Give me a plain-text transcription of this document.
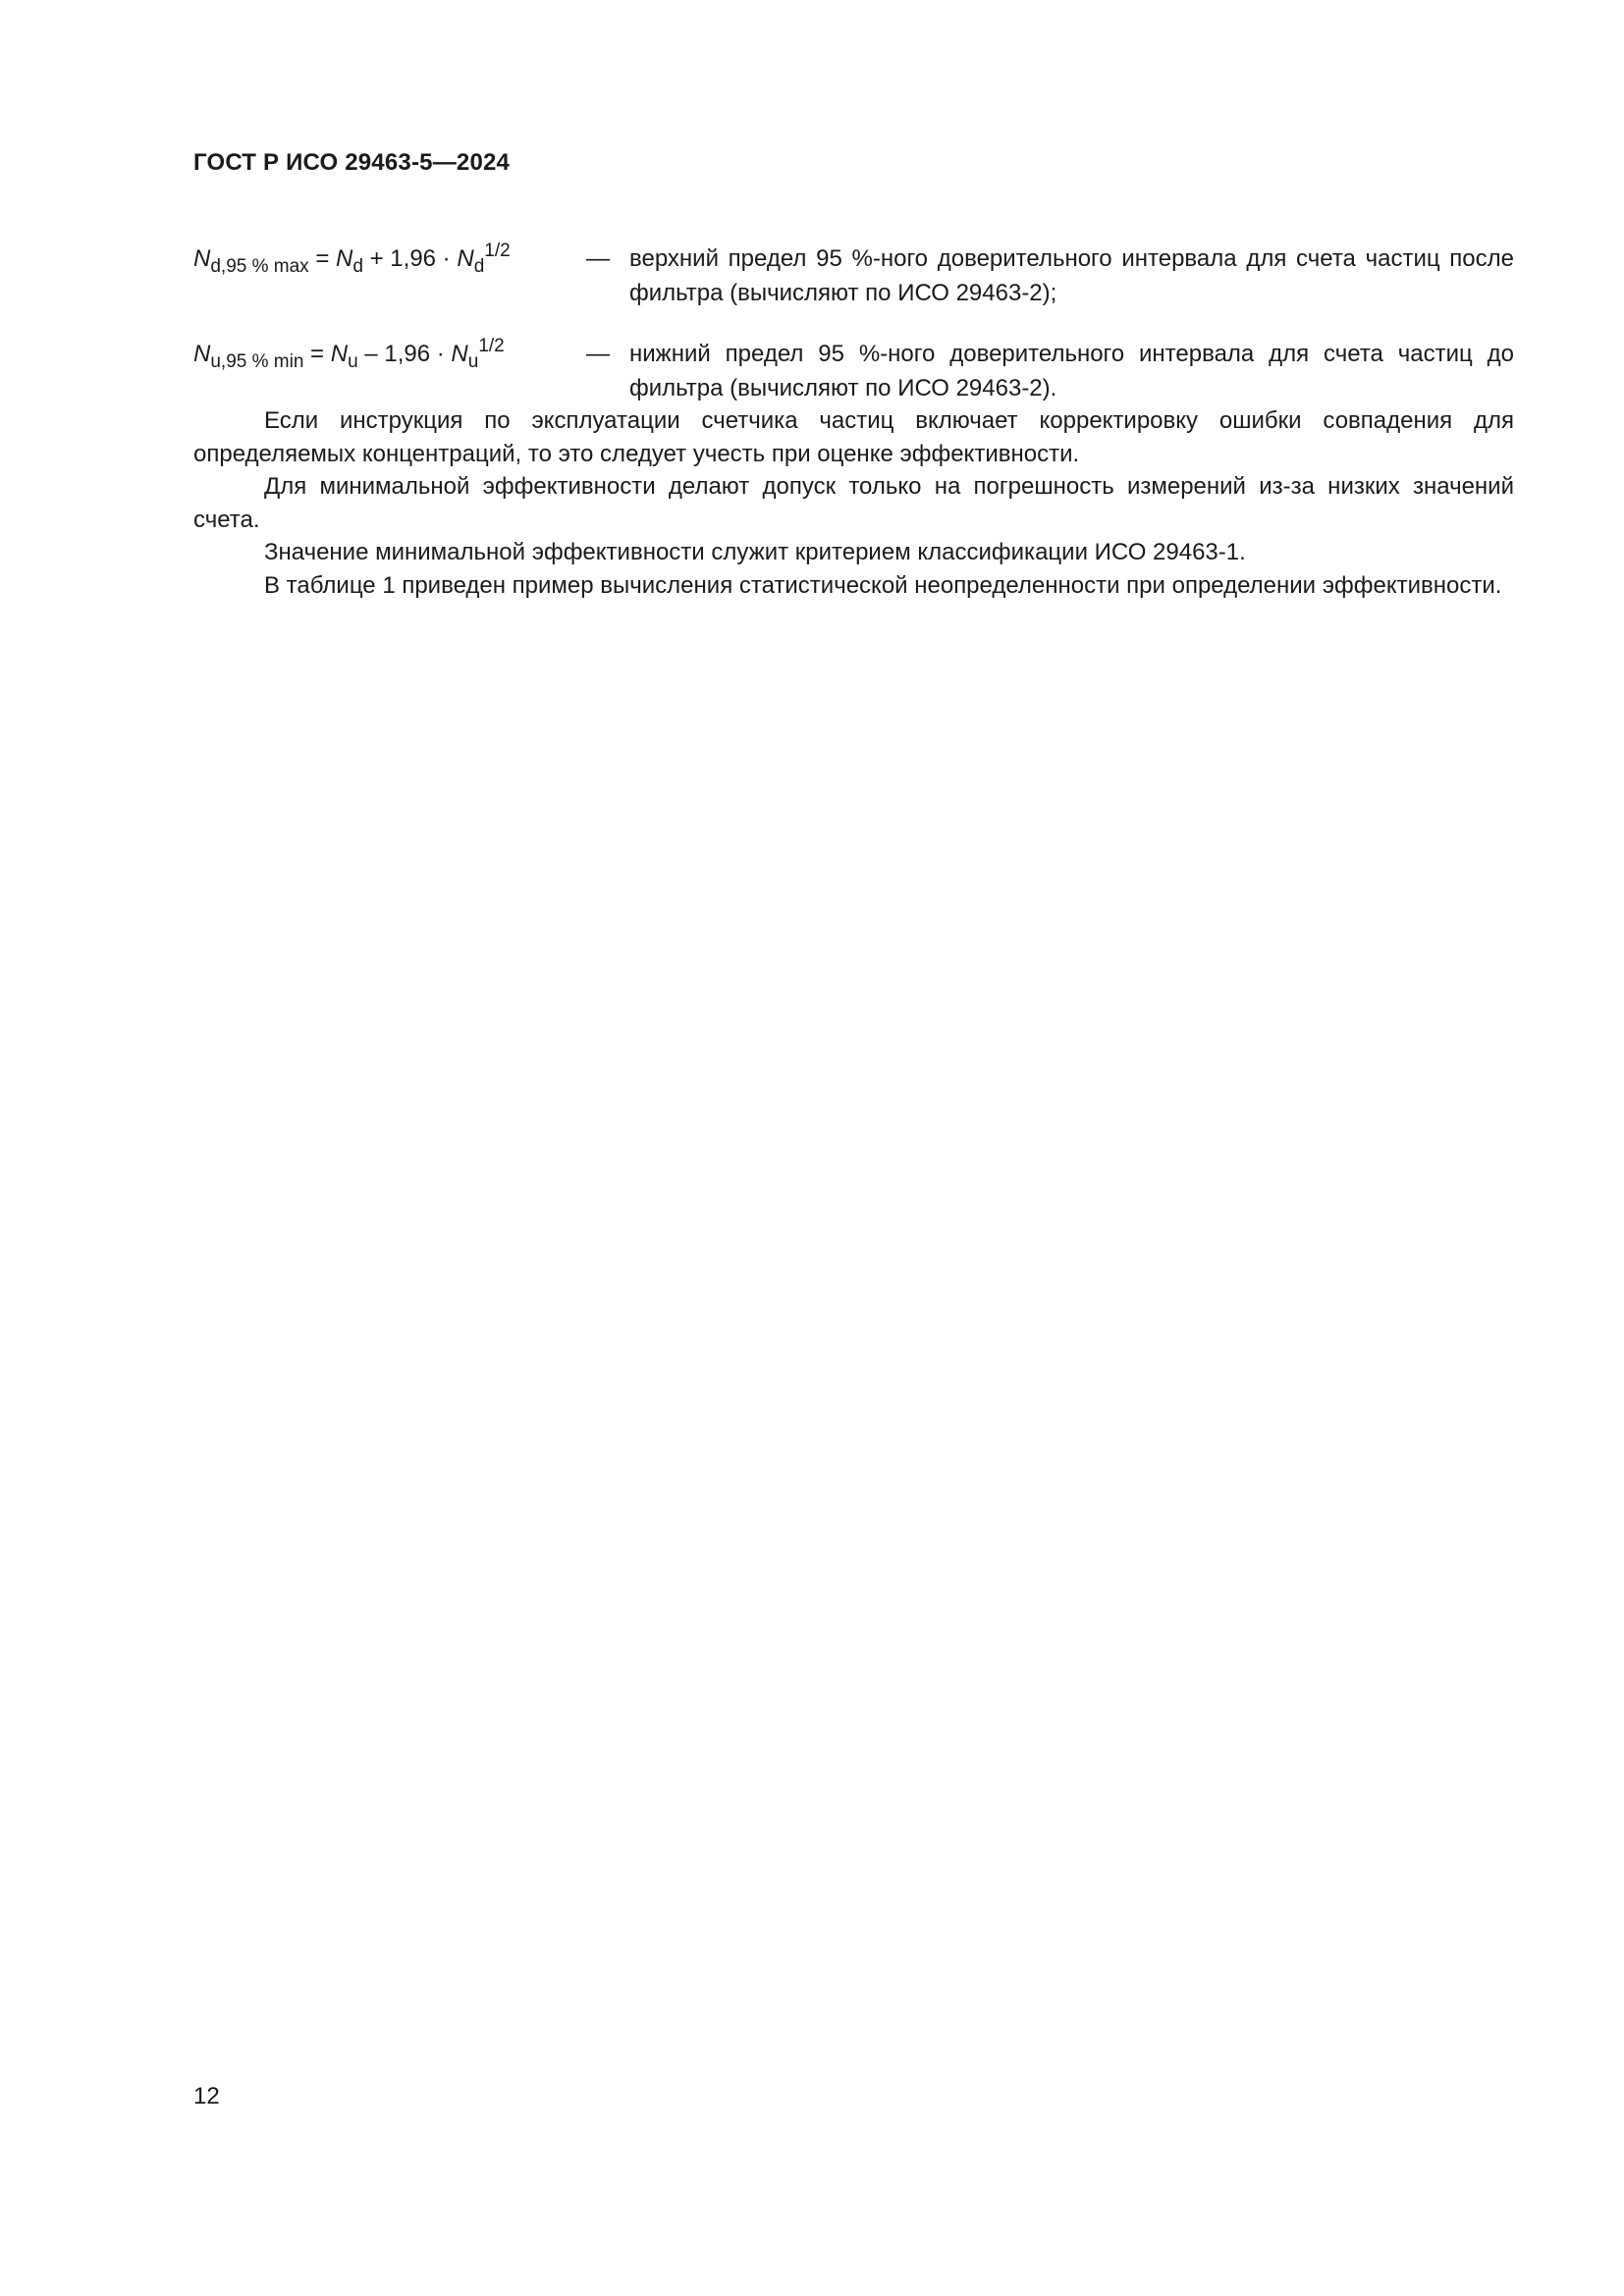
ГОСТ Р ИСО 29463-5—2024
$N_{d,95 \% max} = N_d + 1,96 \cdot N_d^{1/2}$	— верхний предел 95 %-ного доверительного интервала для счета частиц после фильтра (вычисляют по ИСО 29463-2);
$N_{u,95 \% min} = N_u - 1,96 \cdot N_u^{1/2}$	— нижний предел 95 %-ного доверительного интервала для счета частиц до фильтра (вычисляют по ИСО 29463-2).

Если инструкция по эксплуатации счетчика частиц включает корректировку ошибки совпадения для определяемых концентраций, то это следует учесть при оценке эффективности.

Для минимальной эффективности делают допуск только на погрешность измерений из-за низких значений счета.

Значение минимальной эффективности служит критерием классификации ИСО 29463-1.

В таблице 1 приведен пример вычисления статистической неопределенности при определении эффективности.

12
